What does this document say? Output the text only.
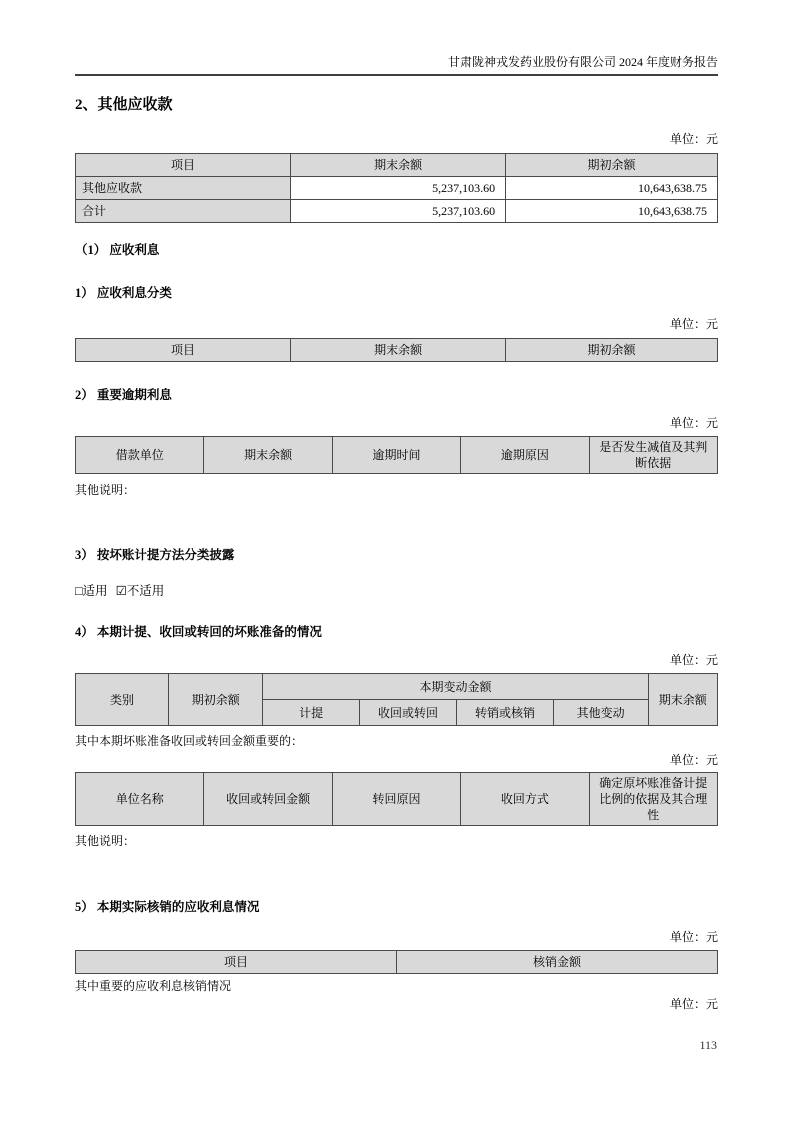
甘肃陇神戎发药业股份有限公司 2024 年度财务报告
2、其他应收款
单位：元
项目	期末余额	期初余额
其他应收款	5,237,103.60	10,643,638.75
合计	5,237,103.60	10,643,638.75
（1） 应收利息
1） 应收利息分类
单位：元
项目	期末余额	期初余额
2） 重要逾期利息
单位：元
借款单位	期末余额	逾期时间	逾期原因	是否发生减值及其判断依据
其他说明：
3） 按坏账计提方法分类披露
□适用 ☑不适用
4） 本期计提、收回或转回的坏账准备的情况
单位：元
类别	期初余额	本期变动金额				期末余额
		计提	收回或转回	转销或核销	其他变动	
其中本期坏账准备收回或转回金额重要的：
单位：元
单位名称	收回或转回金额	转回原因	收回方式	确定原坏账准备计提比例的依据及其合理性
其他说明：
5） 本期实际核销的应收利息情况
单位：元
项目	核销金额
其中重要的应收利息核销情况
单位：元
113
